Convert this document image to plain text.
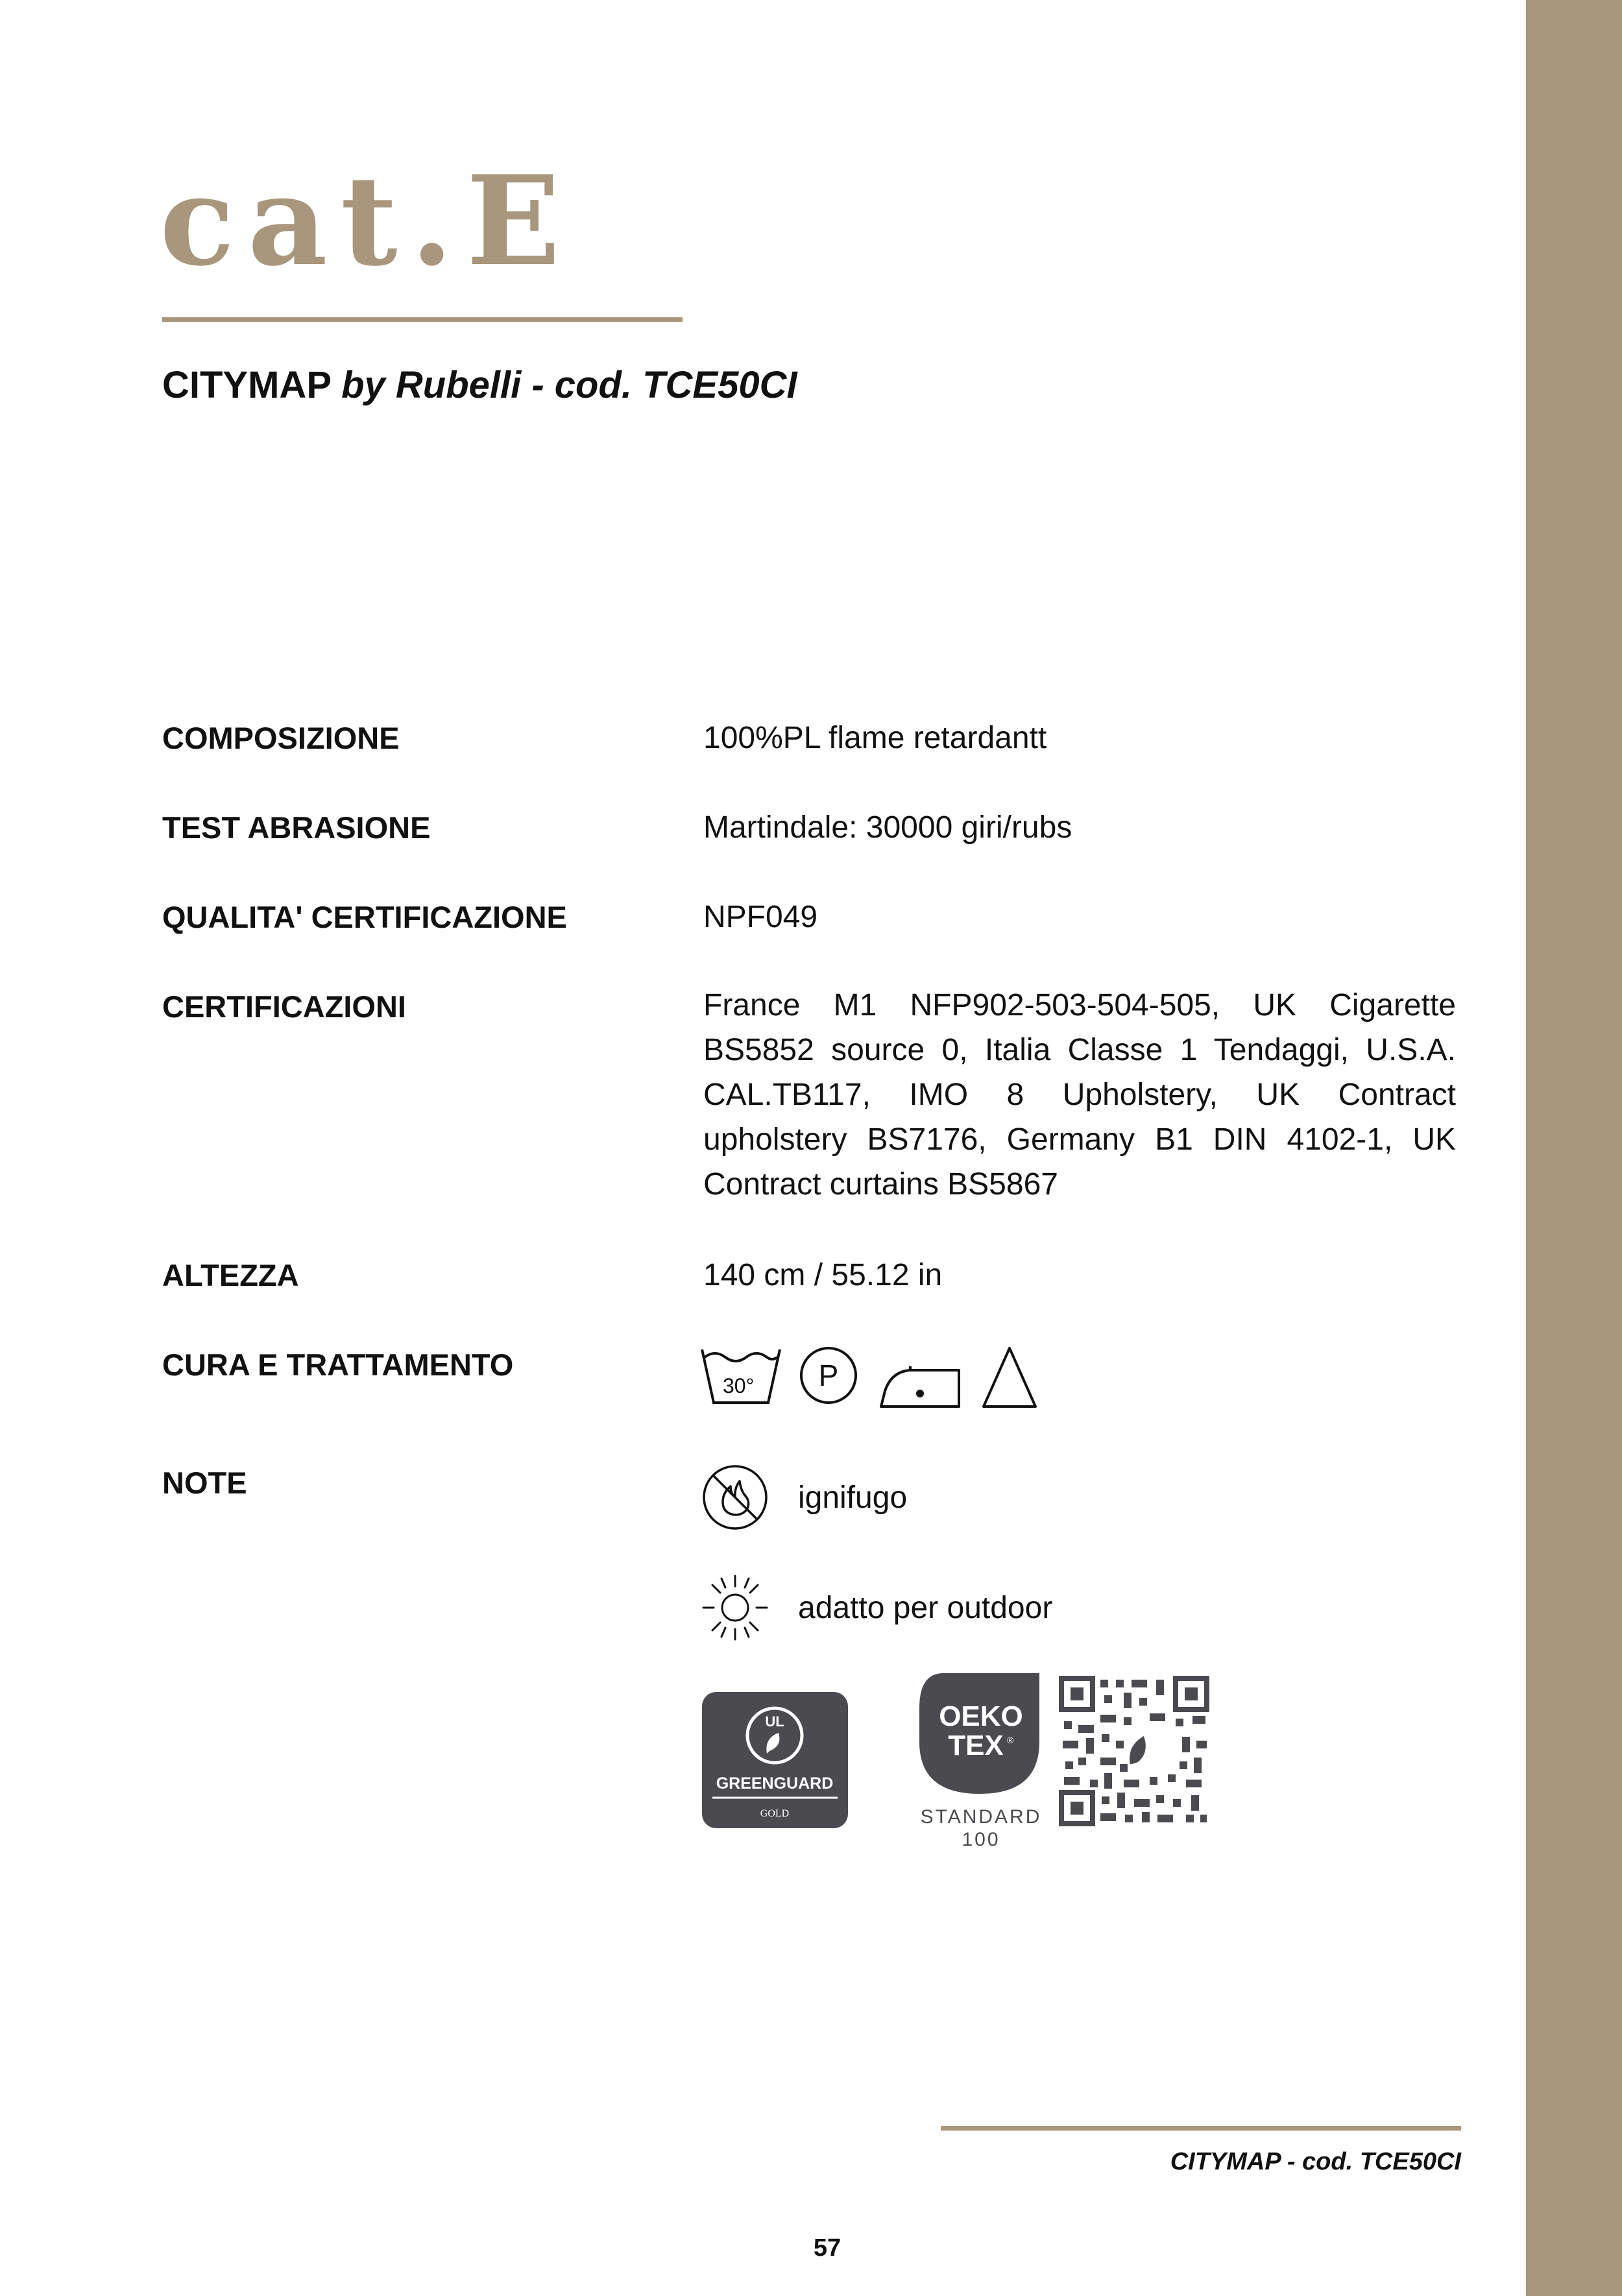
cat.E
CITYMAP by Rubelli - cod. TCE50CI
COMPOSIZIONE	100%PL flame retardantt
TEST ABRASIONE	Martindale: 30000 giri/rubs
QUALITA' CERTIFICAZIONE	NPF049
CERTIFICAZIONI	France M1 NFP902-503-504-505, UK Cigarette BS5852 source 0, Italia Classe 1 Tendaggi, U.S.A. CAL.TB117, IMO 8 Upholstery, UK Contract upholstery BS7176, Germany B1 DIN 4102-1, UK Contract curtains BS5867
ALTEZZA	140 cm / 55.12 in
CURA E TRATTAMENTO
30° P
NOTE	ignifugo
adatto per outdoor
UL
GREENGUARD
GOLD
OEKO
TEX ®
STANDARD
100
CITYMAP - cod. TCE50CI
57
